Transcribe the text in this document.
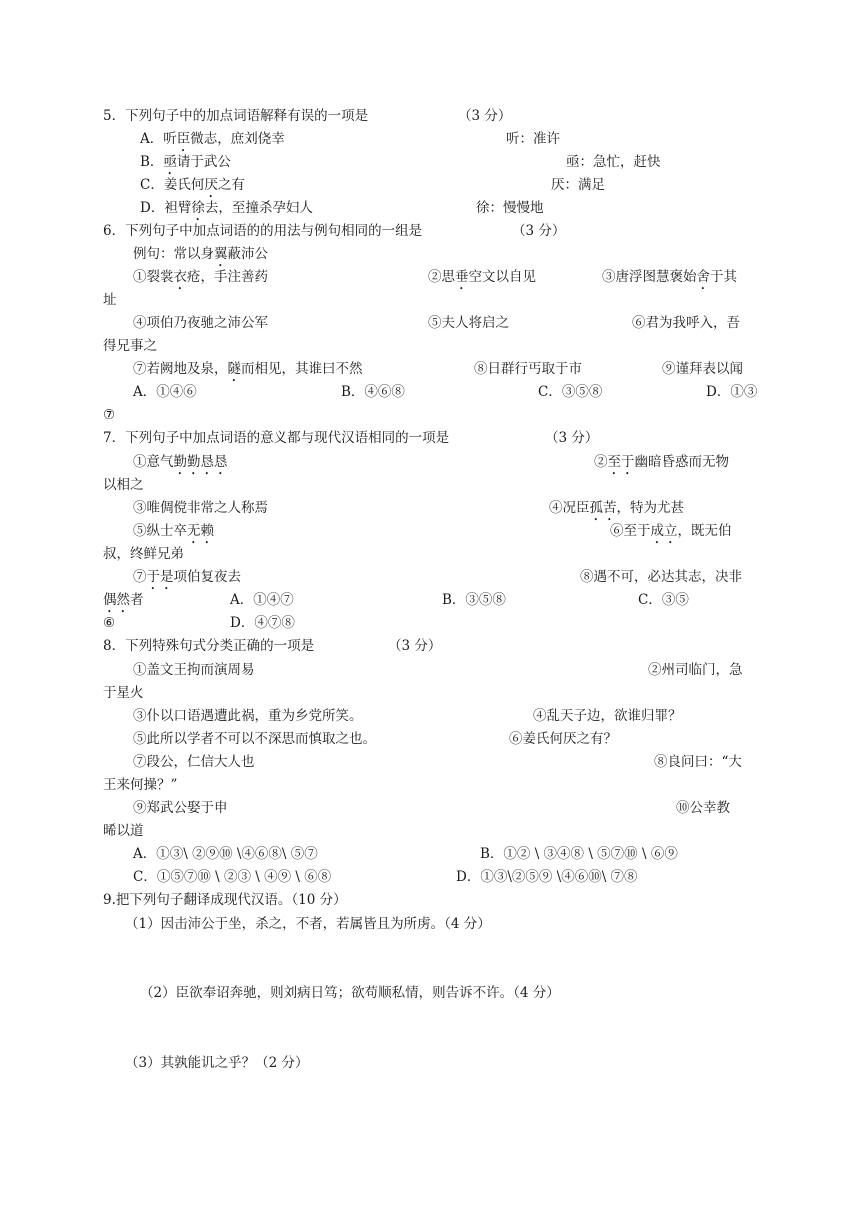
5．下列句子中的加点词语解释有误的一项是	（3 分）
A．听臣微志，庶刘侥幸	听：准许
B．亟请于武公	亟：急忙，赶快
C．姜氏何厌之有	厌：满足
D．袒臂徐去，至撞杀孕妇人	徐：慢慢地
6．下列句子中加点词语的的用法与例句相同的一组是	（3 分）
例句：常以身翼蔽沛公
①裂裳衣疮，手注善药	②思垂空文以自见	③唐浮图慧褒始舍于其
址
④项伯乃夜驰之沛公军	⑤夫人将启之	⑥君为我呼入，吾
得兄事之
⑦若阙地及泉，隧而相见，其谁曰不然	⑧日群行丐取于市	⑨谨拜表以闻
A．①④⑥	B．④⑥⑧	C．③⑤⑧	D．①③
⑦
7．下列句子中加点词语的意义都与现代汉语相同的一项是	（3 分）
①意气勤勤恳恳	②至于幽暗昏惑而无物
以相之
③唯倜傥非常之人称焉	④况臣孤苦，特为尤甚
⑤纵士卒无赖	⑥至于成立，既无伯
叔，终鲜兄弟
⑦于是项伯复夜去	⑧遇不可，必达其志，决非
偶然者	A．①④⑦	B．③⑤⑧	C．③⑤
⑥	D．④⑦⑧
8．下列特殊句式分类正确的一项是	（3 分）
①盖文王拘而演周易	②州司临门，急
于星火
③仆以口语遇遭此祸，重为乡党所笑。	④乱天子边，欲谁归罪？
⑤此所以学者不可以不深思而慎取之也。	⑥姜氏何厌之有？
⑦段公，仁信大人也	⑧良问曰：“大
王来何操？”
⑨郑武公娶于申	⑩公幸教
晞以道
A．①③\ ②⑨⑩ \④⑥⑧\ ⑤⑦	B．①② \ ③④⑧ \ ⑤⑦⑩ \ ⑥⑨
C．①⑤⑦⑩ \ ②③ \ ④⑨ \ ⑥⑧	D．①③\②⑤⑨ \④⑥⑩\ ⑦⑧
9.把下列句子翻译成现代汉语。（10 分）
（1）因击沛公于坐，杀之，不者，若属皆且为所虏。（4 分）
（2）臣欲奉诏奔驰，则刘病日笃；欲苟顺私情，则告诉不许。（4 分）
（3）其孰能讥之乎？（2 分）
